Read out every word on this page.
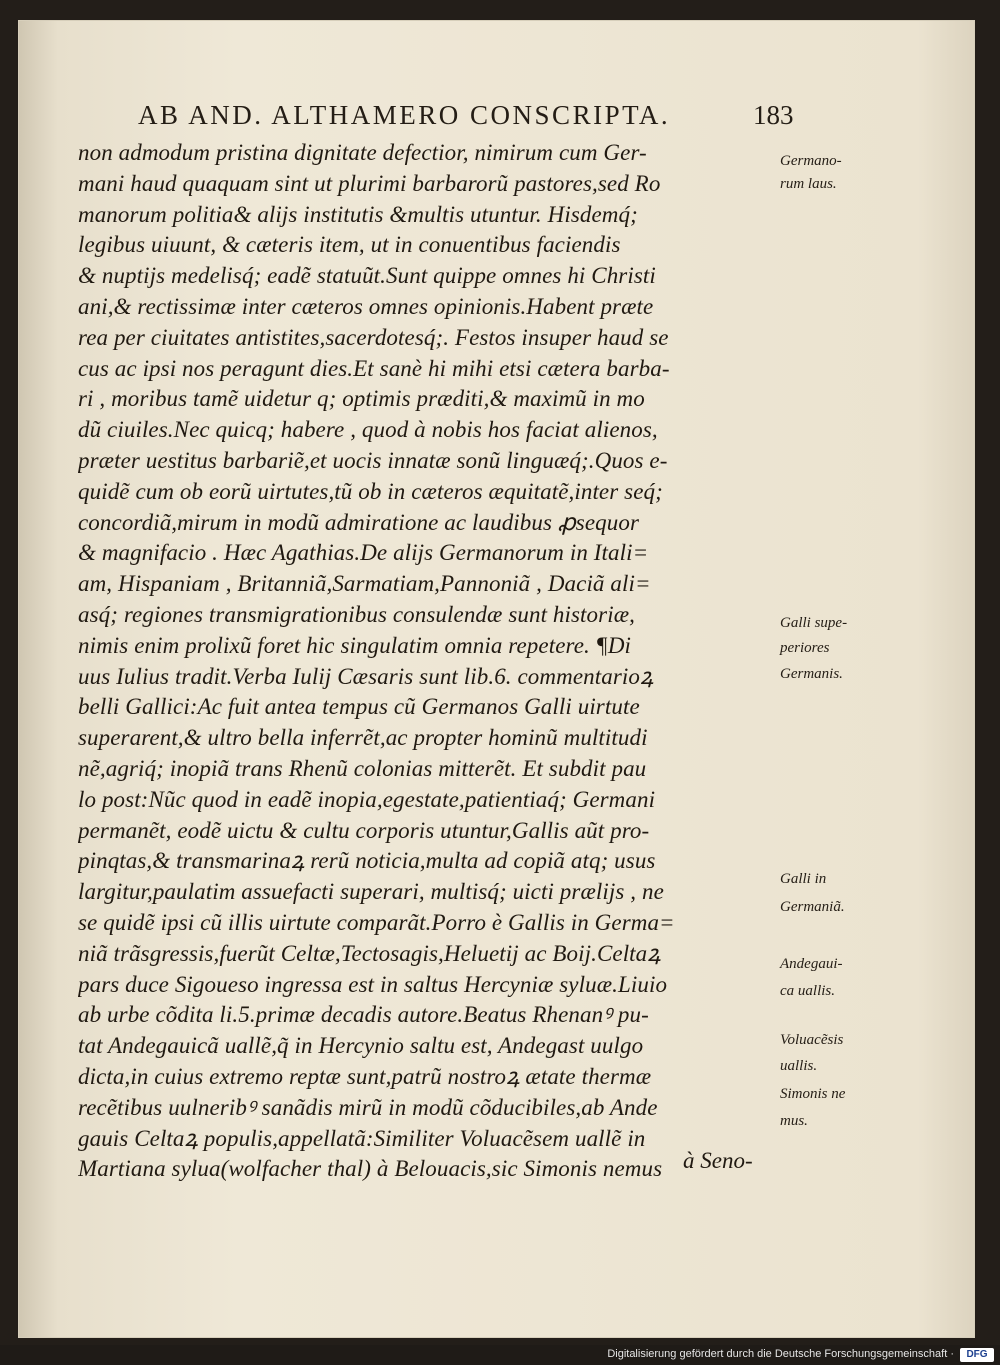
AB AND. ALTHAMERO CONSCRIPTA.	183
non admodum pristina dignitate defectior, nimirum cum Ger-
mani haud quaquam sint ut plurimi barbarorũ pastores,sed Ro
manorum politia& alijs institutis &multis utuntur. Hisdemq́;
legibus uiuunt, & cæteris item, ut in conuentibus faciendis
& nuptijs medelisq́; eadẽ statuũt.Sunt quippe omnes hi Christi
ani,& rectissimæ inter cæteros omnes opinionis.Habent præte
rea per ciuitates antistites,sacerdotesq́;. Festos insuper haud se
cus ac ipsi nos peragunt dies.Et sanè hi mihi etsi cætera barba-
ri , moribus tamẽ uidetur q; optimis præditi,& maximũ in mo
dũ ciuiles.Nec quicq; habere , quod à nobis hos faciat alienos,
præter uestitus barbariẽ,et uocis innatæ sonũ linguæq́;.Quos e-
quidẽ cum ob eorũ uirtutes,tũ ob in cæteros æquitatẽ,inter seq́;
concordiã,mirum in modũ admiratione ac laudibus ꝓsequor
& magnifacio . Hæc Agathias.De alijs Germanorum in Itali=
am, Hispaniam , Britanniã,Sarmatiam,Pannoniã , Daciã ali=
asq́; regiones transmigrationibus consulendæ sunt historiæ,
nimis enim prolixũ foret hic singulatim omnia repetere. ¶Di
uus Iulius tradit.Verba Iulij Cæsaris sunt lib.6. commentarioꝝ
belli Gallici:Ac fuit antea tempus cũ Germanos Galli uirtute
superarent,& ultro bella inferrẽt,ac propter hominũ multitudi
nẽ,agriq́; inopiã trans Rhenũ colonias mitterẽt. Et subdit pau
lo post:Nũc quod in eadẽ inopia,egestate,patientiaq́; Germani
permanẽt, eodẽ uictu & cultu corporis utuntur,Gallis aũt pro-
pinqtas,& transmarinaꝝ rerũ noticia,multa ad copiã atq; usus
largitur,paulatim assuefacti superari, multisq́; uicti prælijs , ne
se quidẽ ipsi cũ illis uirtute comparãt.Porro è Gallis in Germa=
niã trãsgressis,fuerũt Celtæ,Tectosagis,Heluetij ac Boij.Celtaꝝ
pars duce Sigoueso ingressa est in saltus Hercyniæ syluæ.Liuio
ab urbe cõdita li.5.primæ decadis autore.Beatus Rhenanꝰ pu-
tat Andegauicã uallẽ,q̃ in Hercynio saltu est, Andegast uulgo
dicta,in cuius extremo reptæ sunt,patrũ nostroꝝ ætate thermæ
recẽtibus uulneribꝰ sanãdis mirũ in modũ cõducibiles,ab Ande
gauis Celtaꝝ populis,appellatã:Similiter Voluacẽsem uallẽ in
Martiana sylua(wolfacher thal) à Belouacis,sic Simonis nemus
Germano-
rum laus.
Galli supe-
periores
Germanis.
Galli in
Germaniã.
Andegaui-
ca uallis.
Voluacẽsis
uallis.
Simonis ne
mus.
à Seno-
Digitalisierung gefördert durch die Deutsche Forschungsgemeinschaft ·	DFG
